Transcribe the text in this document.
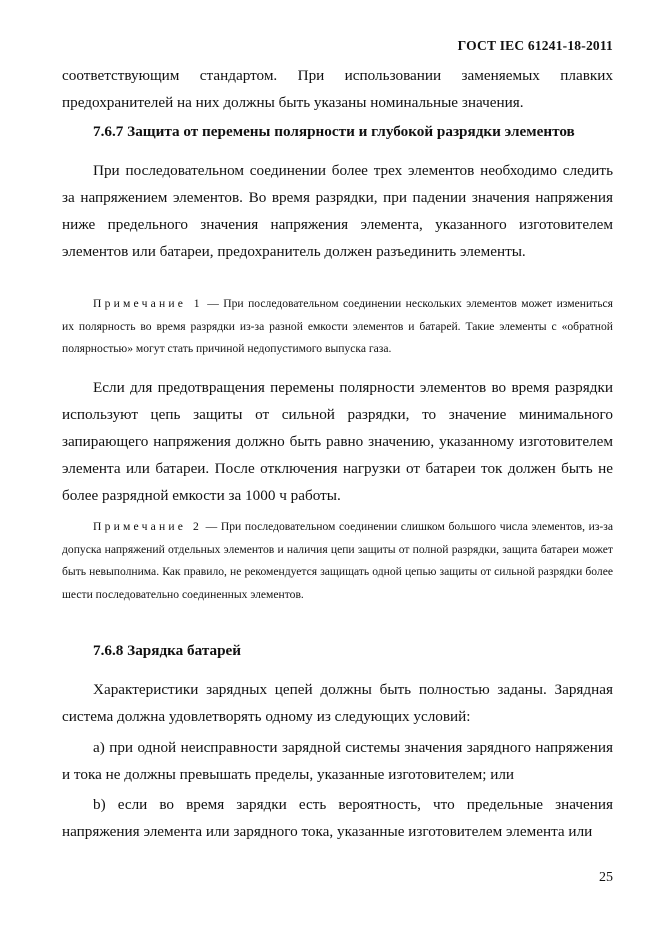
ГОСТ IEC 61241-18-2011

соответствующим стандартом. При использовании заменяемых плавких предохранителей на них должны быть указаны номинальные значения.

7.6.7 Защита от перемены полярности и глубокой разрядки элементов

При последовательном соединении более трех элементов необходимо следить за напряжением элементов. Во время разрядки, при падении значения напряжения ниже предельного значения напряжения элемента, указанного изготовителем элементов или батареи, предохранитель должен разъединить элементы.

Примечание 1 — При последовательном соединении нескольких элементов может измениться их полярность во время разрядки из-за разной емкости элементов и батарей. Такие элементы с «обратной полярностью» могут стать причиной недопустимого выпуска газа.

Если для предотвращения перемены полярности элементов во время разрядки используют цепь защиты от сильной разрядки, то значение минимального запирающего напряжения должно быть равно значению, указанному изготовителем элемента или батареи. После отключения нагрузки от батареи ток должен быть не более разрядной емкости за 1000 ч работы.

Примечание 2 — При последовательном соединении слишком большого числа элементов, из-за допуска напряжений отдельных элементов и наличия цепи защиты от полной разрядки, защита батареи может быть невыполнима. Как правило, не рекомендуется защищать одной цепью защиты от сильной разрядки более шести последовательно соединенных элементов.

7.6.8 Зарядка батарей

Характеристики зарядных цепей должны быть полностью заданы. Зарядная система должна удовлетворять одному из следующих условий:

а) при одной неисправности зарядной системы значения зарядного напряжения и тока не должны превышать пределы, указанные изготовителем; или

b) если во время зарядки есть вероятность, что предельные значения напряжения элемента или зарядного тока, указанные изготовителем элемента или

25
